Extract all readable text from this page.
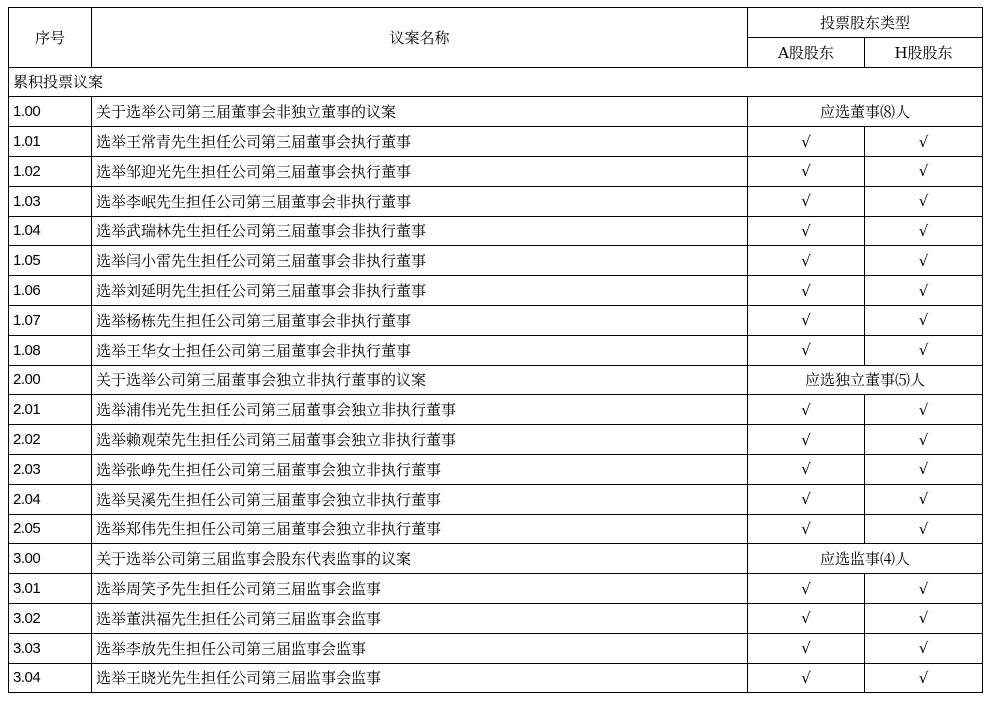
序号	议案名称	投票股东类型	
		A股股东	H股股东
累积投票议案			
1.00	关于选举公司第三届董事会非独立董事的议案	应选董事⑻人	
1.01	选举王常青先生担任公司第三届董事会执行董事	√	√
1.02	选举邹迎光先生担任公司第三届董事会执行董事	√	√
1.03	选举李岷先生担任公司第三届董事会非执行董事	√	√
1.04	选举武瑞林先生担任公司第三届董事会非执行董事	√	√
1.05	选举闫小雷先生担任公司第三届董事会非执行董事	√	√
1.06	选举刘延明先生担任公司第三届董事会非执行董事	√	√
1.07	选举杨栋先生担任公司第三届董事会非执行董事	√	√
1.08	选举王华女士担任公司第三届董事会非执行董事	√	√
2.00	关于选举公司第三届董事会独立非执行董事的议案	应选独立董事⑸人	
2.01	选举浦伟光先生担任公司第三届董事会独立非执行董事	√	√
2.02	选举赖观荣先生担任公司第三届董事会独立非执行董事	√	√
2.03	选举张峥先生担任公司第三届董事会独立非执行董事	√	√
2.04	选举吴溪先生担任公司第三届董事会独立非执行董事	√	√
2.05	选举郑伟先生担任公司第三届董事会独立非执行董事	√	√
3.00	关于选举公司第三届监事会股东代表监事的议案	应选监事⑷人	
3.01	选举周笑予先生担任公司第三届监事会监事	√	√
3.02	选举董洪福先生担任公司第三届监事会监事	√	√
3.03	选举李放先生担任公司第三届监事会监事	√	√
3.04	选举王晓光先生担任公司第三届监事会监事	√	√
